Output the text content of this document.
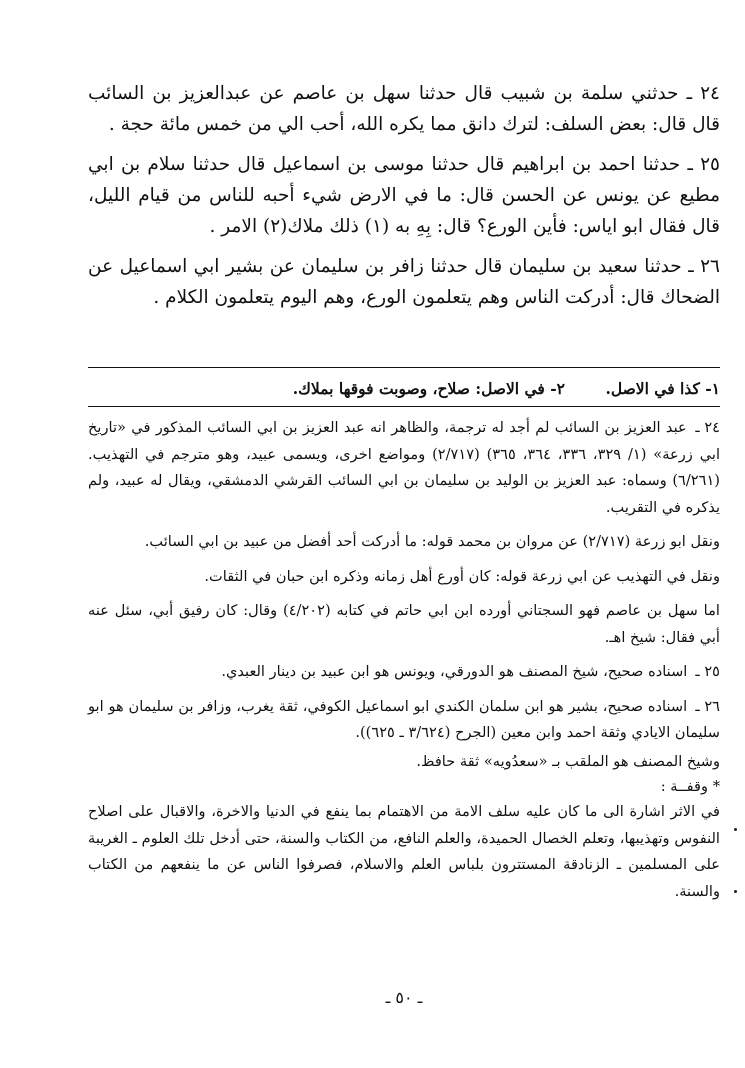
٢٤ ـ حدثني سلمة بن شبيب قال حدثنا سهل بن عاصم عن عبدالعزيز بن السائب قال قال: بعض السلف: لترك دانق مما يكره الله، أحب الي من خمس مائة حجة .

٢٥ ـ حدثنا احمد بن ابراهيم قال حدثنا موسى بن اسماعيل قال حدثنا سلام بن ابي مطيع عن يونس عن الحسن قال: ما في الارض شيء أحبه للناس من قيام الليل، قال فقال ابو اياس: فأين الورع؟ قال: بِهِ به (١) ذلك ملاك(٢) الامر .

٢٦ ـ حدثنا سعيد بن سليمان قال حدثنا زافر بن سليمان عن بشير ابي اسماعيل عن الضحاك قال: أدركت الناس وهم يتعلمون الورع، وهم اليوم يتعلمون الكلام .

١- كذا في الاصل.
٢- في الاصل: صلاح، وصوبت فوقها بملاك.
٢٤ ـ عبد العزيز بن السائب لم أجد له ترجمة، والظاهر انه عبد العزيز بن ابي السائب المذكور في «تاريخ ابي زرعة» (١/ ٣٢٩، ٣٣٦، ٣٦٤، ٣٦٥) (٢/٧١٧) ومواضع اخرى، ويسمى عبيد، وهو مترجم في التهذيب. (٦/٢٦١) وسماه: عبد العزيز بن الوليد بن سليمان بن ابي السائب القرشي الدمشقي، ويقال له عبيد، ولم يذكره في التقريب.

ونقل ابو زرعة (٢/٧١٧) عن مروان بن محمد قوله: ما أدركت أحد أفضل من عبيد بن ابي السائب.

ونقل في التهذيب عن ابي زرعة قوله: كان أورع أهل زمانه وذكره ابن حبان في الثقات.

اما سهل بن عاصم فهو السجتاني أورده ابن ابي حاتم في كتابه (٤/٢٠٢) وقال: كان رفيق أبي، سئل عنه أبي فقال: شيخ اهـ.

٢٥ ـ اسناده صحيح، شيخ المصنف هو الدورقي، ويونس هو ابن عبيد بن دينار العبدي.
٢٦ ـ اسناده صحيح، بشير هو ابن سلمان الكندي ابو اسماعيل الكوفي، ثقة يغرب، وزافر بن سليمان هو ابو سليمان الايادي وثقة احمد وابن معين (الجرح (٣/٦٢٤ ـ ٦٢٥)).

وشيخ المصنف هو الملقب بـ «سعدُويه» ثقة حافظ.

* وقفــة :

في الاثر اشارة الى ما كان عليه سلف الامة من الاهتمام بما ينفع في الدنيا والاخرة، والاقبال على اصلاح النفوس وتهذيبها، وتعلم الخصال الحميدة، والعلم النافع، من الكتاب والسنة، حتى أدخل تلك العلوم ـ الغريبة على المسلمين ـ الزنادقة المستترون بلباس العلم والاسلام، فصرفوا الناس عن ما ينفعهم من الكتاب والسنة.

ـ ٥٠ ـ
